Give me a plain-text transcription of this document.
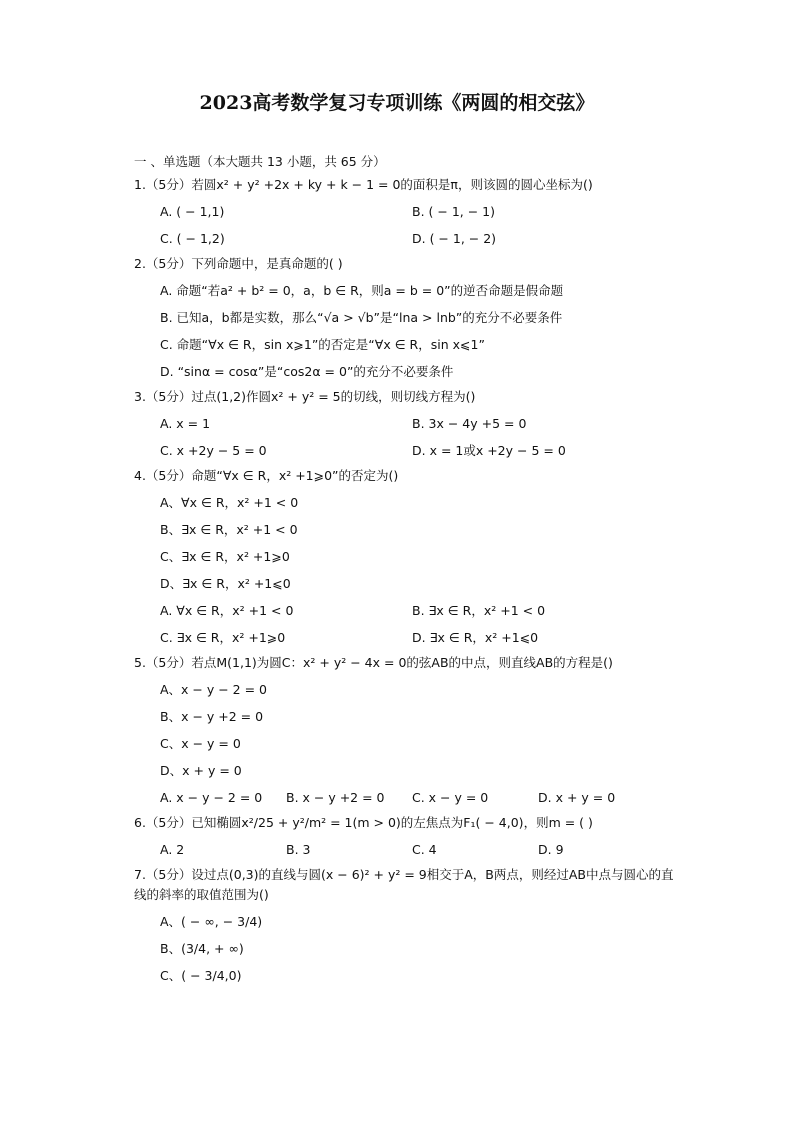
2023高考数学复习专项训练《两圆的相交弦》
一 、单选题（本大题共 13 小题，共 65 分）

1.（5分）若圆x² + y² +2x + ky + k − 1 = 0的面积是π，则该圆的圆心坐标为()

A. ( − 1,1)	B. ( − 1, − 1)
C. ( − 1,2)	D. ( − 1, − 2)

2.（5分）下列命题中，是真命题的( )

A. 命题“若a² + b² = 0，a，b ∈ R，则a = b = 0”的逆否命题是假命题
B. 已知a，b都是实数，那么“√a > √b”是“lna > lnb”的充分不必要条件
C. 命题“∀x ∈ R，sin x⩾1”的否定是“∀x ∈ R，sin x⩽1”
D. “sinα = cosα”是“cos2α = 0”的充分不必要条件

3.（5分）过点(1,2)作圆x² + y² = 5的切线，则切线方程为()

A. x = 1	B. 3x − 4y +5 = 0
C. x +2y − 5 = 0	D. x = 1或x +2y − 5 = 0

4.（5分）命题“∀x ∈ R，x² +1⩾0”的否定为()

A、∀x ∈ R，x² +1 < 0
B、∃x ∈ R，x² +1 < 0
C、∃x ∈ R，x² +1⩾0
D、∃x ∈ R，x² +1⩽0
A. ∀x ∈ R，x² +1 < 0	B. ∃x ∈ R，x² +1 < 0
C. ∃x ∈ R，x² +1⩾0	D. ∃x ∈ R，x² +1⩽0

5.（5分）若点M(1,1)为圆C：x² + y² − 4x = 0的弦AB的中点，则直线AB的方程是()

A、x − y − 2 = 0
B、x − y +2 = 0
C、x − y = 0
D、x + y = 0
A. x − y − 2 = 0	B. x − y +2 = 0	C. x − y = 0	D. x + y = 0

6.（5分）已知椭圆x²/25 + y²/m² = 1(m > 0)的左焦点为F₁( − 4,0)，则m = ( )

A. 2	B. 3	C. 4	D. 9

7.（5分）设过点(0,3)的直线与圆(x − 6)² + y² = 9相交于A，B两点，则经过AB中点与圆心的直线的斜率的取值范围为()

A、( − ∞, − 3/4)
B、(3/4, + ∞)
C、( − 3/4,0)
